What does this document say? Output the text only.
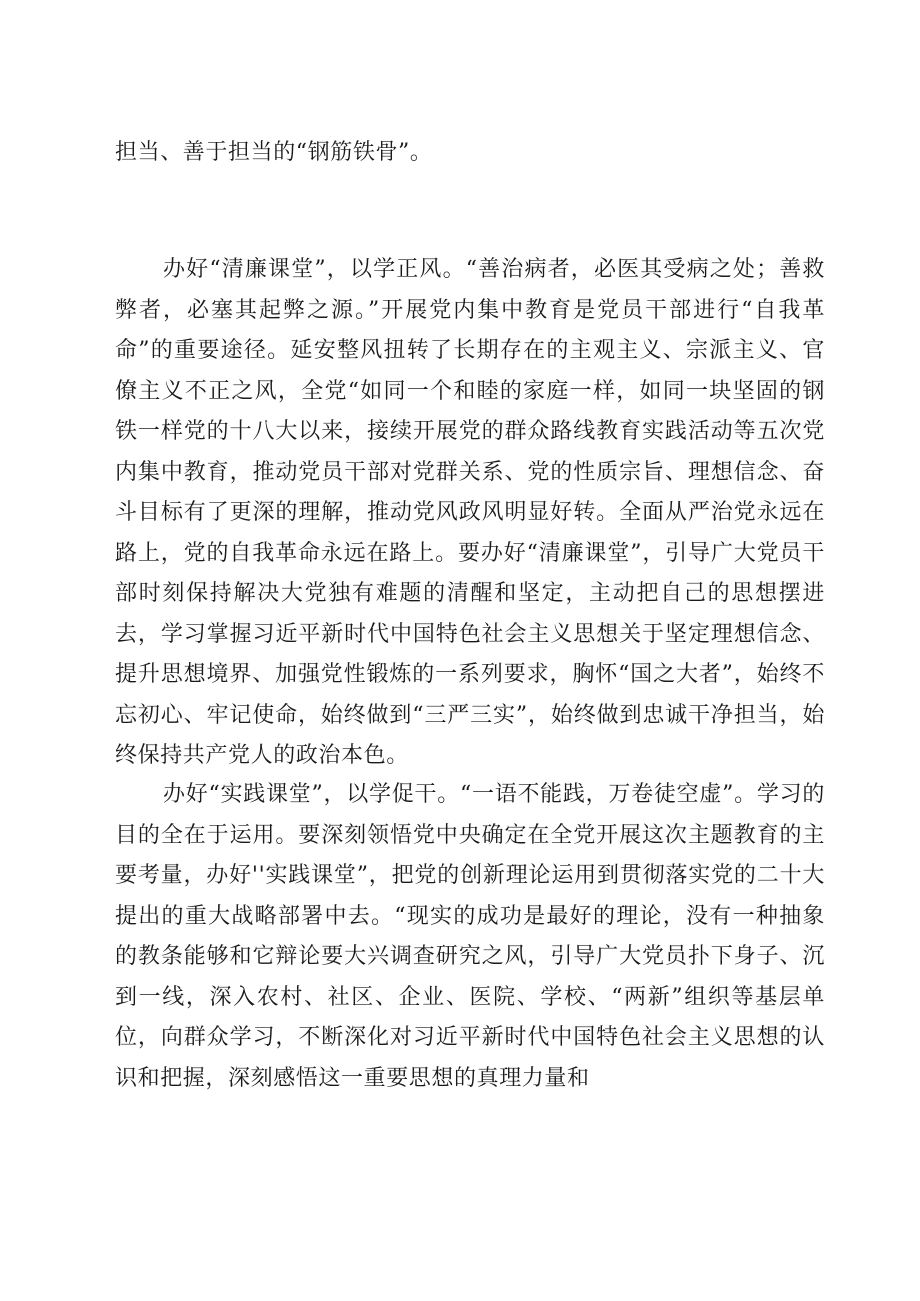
担当、善于担当的“钢筋铁骨”。

办好“清廉课堂”，以学正风。“善治病者，必医其受病之处；善救弊者，必塞其起弊之源。”开展党内集中教育是党员干部进行“自我革命”的重要途径。延安整风扭转了长期存在的主观主义、宗派主义、官僚主义不正之风，全党“如同一个和睦的家庭一样，如同一块坚固的钢铁一样党的十八大以来，接续开展党的群众路线教育实践活动等五次党内集中教育，推动党员干部对党群关系、党的性质宗旨、理想信念、奋斗目标有了更深的理解，推动党风政风明显好转。全面从严治党永远在路上，党的自我革命永远在路上。要办好“清廉课堂”，引导广大党员干部时刻保持解决大党独有难题的清醒和坚定，主动把自己的思想摆进去，学习掌握习近平新时代中国特色社会主义思想关于坚定理想信念、提升思想境界、加强党性锻炼的一系列要求，胸怀“国之大者”，始终不忘初心、牢记使命，始终做到“三严三实”，始终做到忠诚干净担当，始终保持共产党人的政治本色。

办好“实践课堂”，以学促干。“一语不能践，万卷徒空虚”。学习的目的全在于运用。要深刻领悟党中央确定在全党开展这次主题教育的主要考量，办好''实践课堂”，把党的创新理论运用到贯彻落实党的二十大提出的重大战略部署中去。“现实的成功是最好的理论，没有一种抽象的教条能够和它辩论要大兴调查研究之风，引导广大党员扑下身子、沉到一线，深入农村、社区、企业、医院、学校、“两新”组织等基层单位，向群众学习，不断深化对习近平新时代中国特色社会主义思想的认识和把握，深刻感悟这一重要思想的真理力量和
